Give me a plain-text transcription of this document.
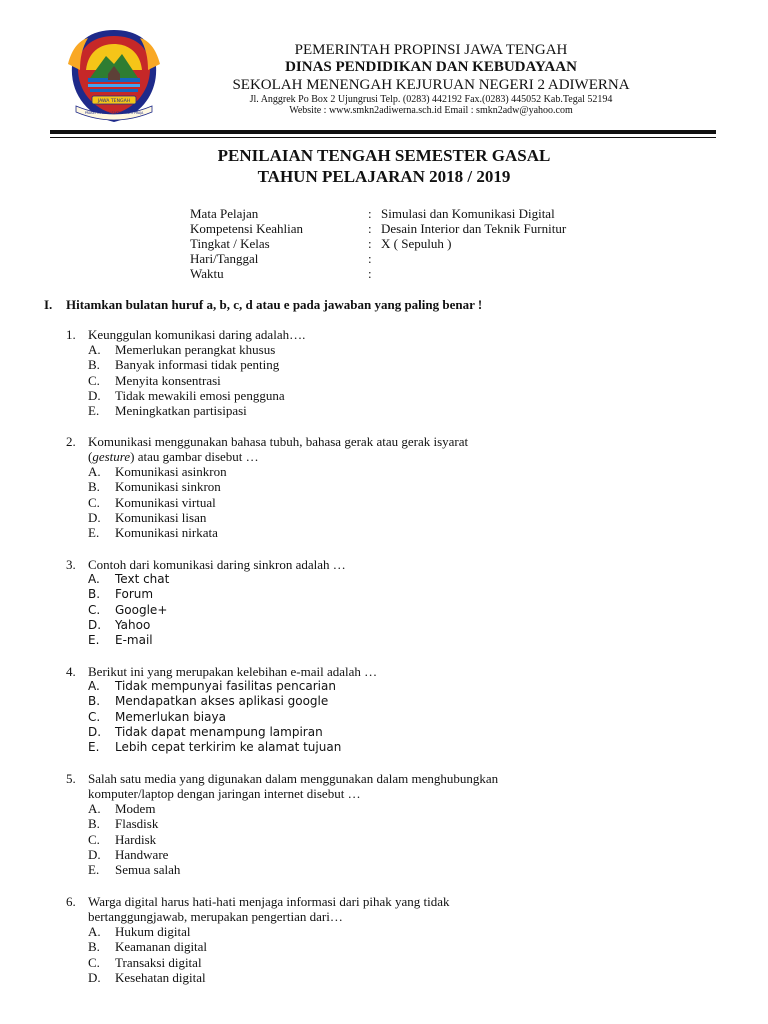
JAWA TENGAH
PRASETYA ULAH SAKTI BHAKTI PRAJA
PEMERINTAH PROPINSI JAWA TENGAH
DINAS PENDIDIKAN DAN KEBUDAYAAN
SEKOLAH MENENGAH KEJURUAN NEGERI 2 ADIWERNA
Jl. Anggrek Po Box 2 Ujungrusi Telp. (0283) 442192 Fax.(0283) 445052 Kab.Tegal 52194
Website : www.smkn2adiwerna.sch.id Email : smkn2adw@yahoo.com
PENILAIAN TENGAH SEMESTER GASAL
TAHUN PELAJARAN 2018 / 2019
Mata Pelajan	: Simulasi dan Komunikasi Digital
Kompetensi Keahlian	: Desain Interior dan Teknik Furnitur
Tingkat / Kelas	: X ( Sepuluh )
Hari/Tanggal	:
Waktu	:
I. Hitamkan bulatan huruf a, b, c, d atau e pada jawaban yang paling benar !
1. Keunggulan komunikasi daring adalah….
A. Memerlukan perangkat khusus
B. Banyak informasi tidak penting
C. Menyita konsentrasi
D. Tidak mewakili emosi pengguna
E. Meningkatkan partisipasi
2. Komunikasi menggunakan bahasa tubuh, bahasa gerak atau gerak isyarat
(gesture) atau gambar disebut …
A. Komunikasi asinkron
B. Komunikasi sinkron
C. Komunikasi virtual
D. Komunikasi lisan
E. Komunikasi nirkata
3. Contoh dari komunikasi daring sinkron adalah …
A. Text chat
B. Forum
C. Google+
D. Yahoo
E. E-mail
4. Berikut ini yang merupakan kelebihan e-mail adalah …
A. Tidak mempunyai fasilitas pencarian
B. Mendapatkan akses aplikasi google
C. Memerlukan biaya
D. Tidak dapat menampung lampiran
E. Lebih cepat terkirim ke alamat tujuan
5. Salah satu media yang digunakan dalam menggunakan dalam menghubungkan
komputer/laptop dengan jaringan internet disebut …
A. Modem
B. Flasdisk
C. Hardisk
D. Handware
E. Semua salah
6. Warga digital harus hati-hati menjaga informasi dari pihak yang tidak
bertanggungjawab, merupakan pengertian dari…
A. Hukum digital
B. Keamanan digital
C. Transaksi digital
D. Kesehatan digital
